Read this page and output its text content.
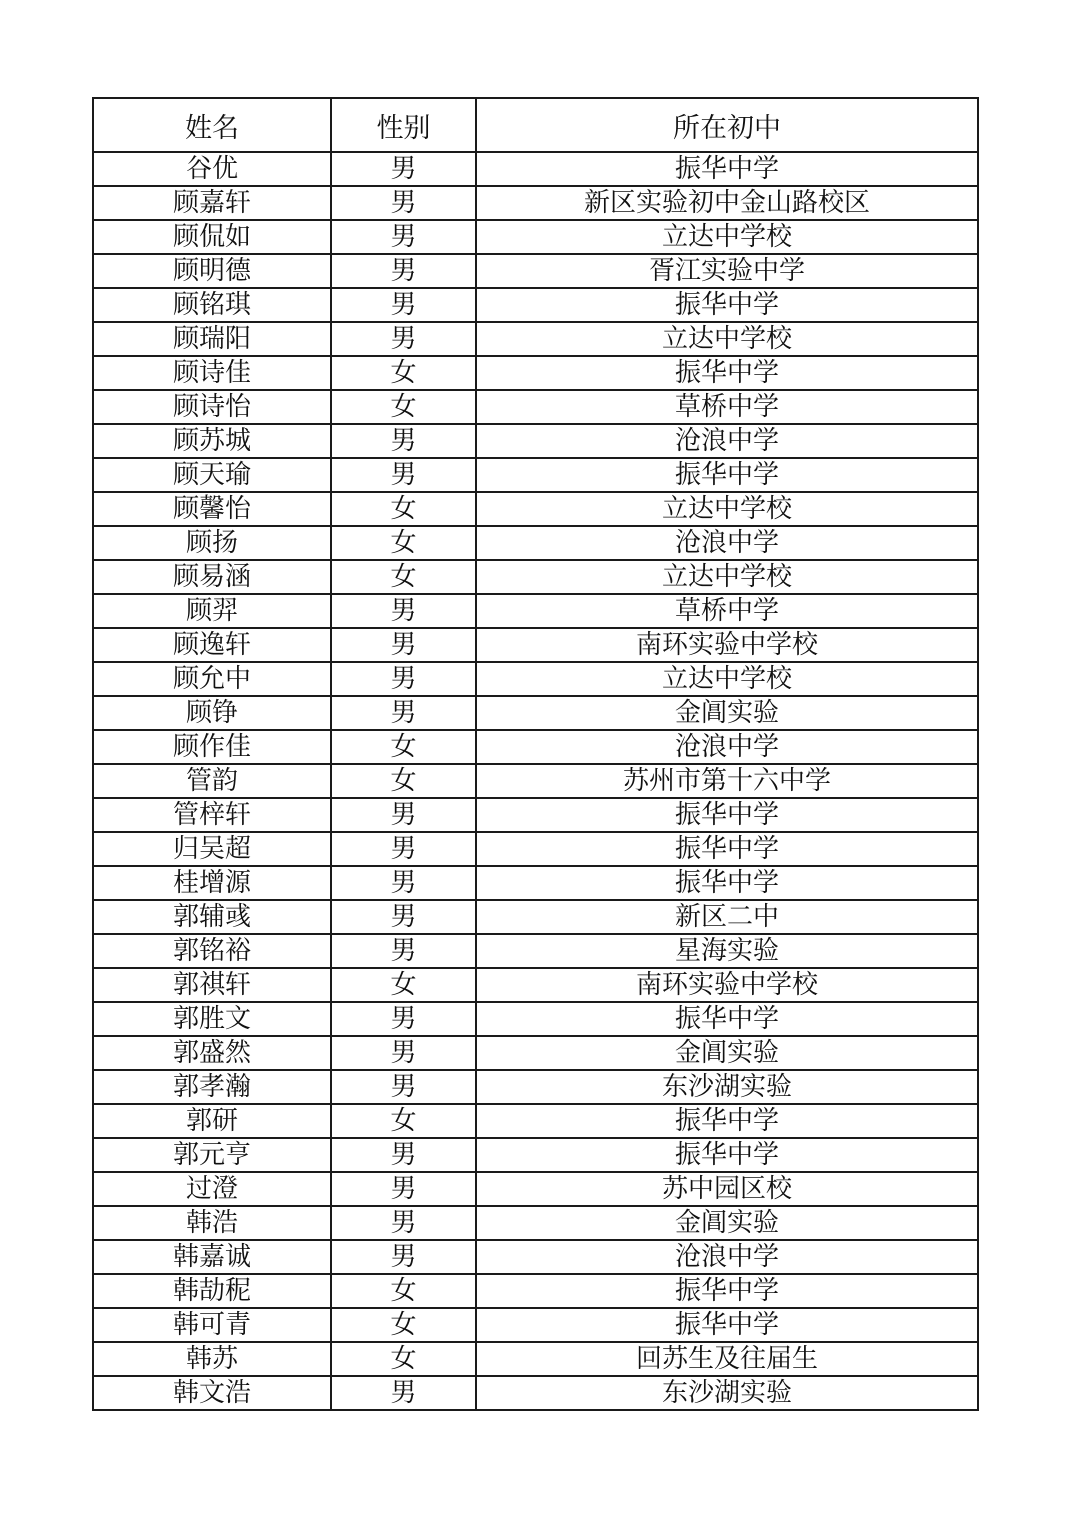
姓名	性别	所在初中
谷优	男	振华中学
顾嘉轩	男	新区实验初中金山路校区
顾侃如	男	立达中学校
顾明德	男	胥江实验中学
顾铭琪	男	振华中学
顾瑞阳	男	立达中学校
顾诗佳	女	振华中学
顾诗怡	女	草桥中学
顾苏城	男	沧浪中学
顾天瑜	男	振华中学
顾馨怡	女	立达中学校
顾扬	女	沧浪中学
顾易涵	女	立达中学校
顾羿	男	草桥中学
顾逸轩	男	南环实验中学校
顾允中	男	立达中学校
顾铮	男	金阊实验
顾作佳	女	沧浪中学
管韵	女	苏州市第十六中学
管梓轩	男	振华中学
归吴超	男	振华中学
桂增源	男	振华中学
郭辅彧	男	新区二中
郭铭裕	男	星海实验
郭祺轩	女	南环实验中学校
郭胜文	男	振华中学
郭盛然	男	金阊实验
郭孝瀚	男	东沙湖实验
郭研	女	振华中学
郭元亨	男	振华中学
过澄	男	苏中园区校
韩浩	男	金阊实验
韩嘉诚	男	沧浪中学
韩劼秜	女	振华中学
韩可青	女	振华中学
韩苏	女	回苏生及往届生
韩文浩	男	东沙湖实验
